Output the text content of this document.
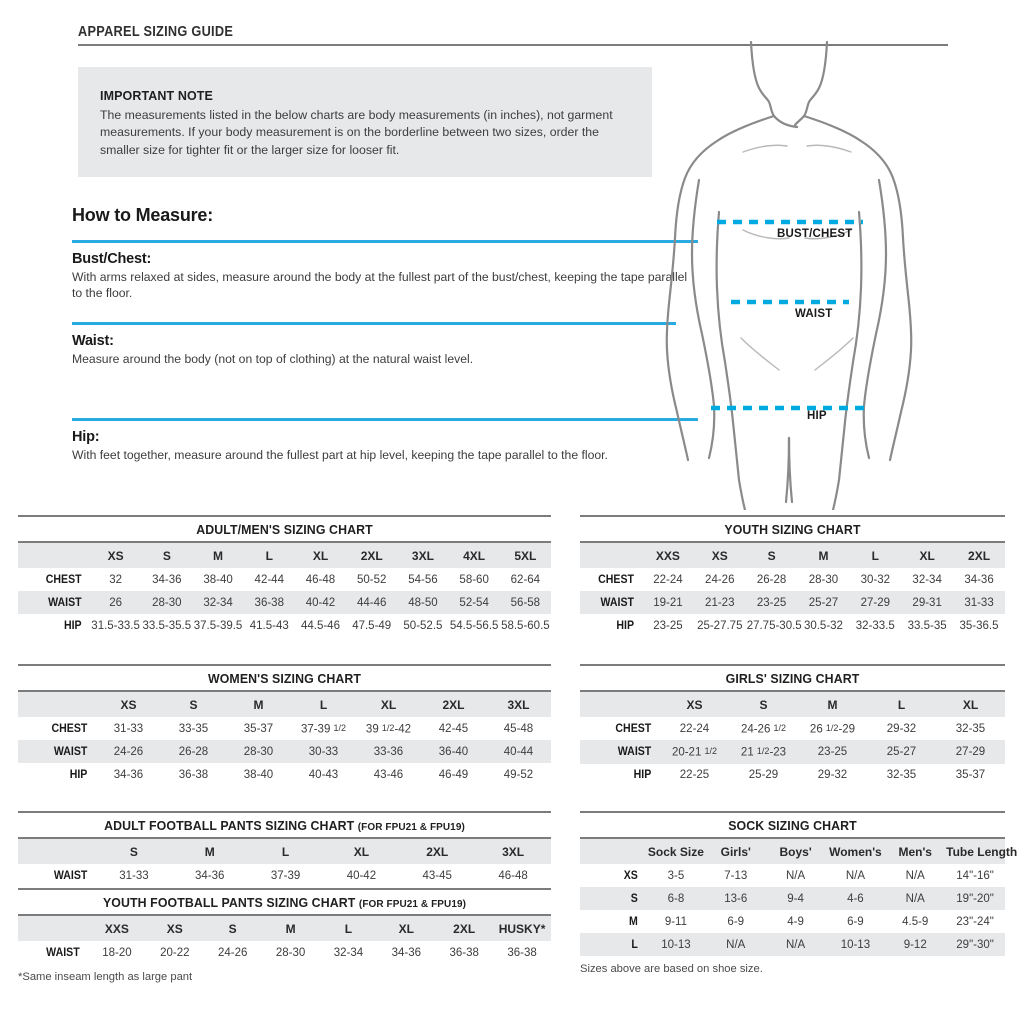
APPAREL SIZING GUIDE
IMPORTANT NOTE
The measurements listed in the below charts are body measurements (in inches), not garment measurements. If your body measurement is on the borderline between two sizes, order the smaller size for tighter fit or the larger size for looser fit.
How to Measure:
Bust/Chest:
With arms relaxed at sides, measure around the body at the fullest part of the bust/chest, keeping the tape parallel to the floor.
Waist:
Measure around the body (not on top of clothing) at the natural waist level.
Hip:
With feet together, measure around the fullest part at hip level, keeping the tape parallel to the floor.
BUST/CHEST
WAIST
HIP
ADULT/MEN'S SIZING CHART
	XS	S	M	L	XL	2XL	3XL	4XL	5XL
CHEST	32	34-36	38-40	42-44	46-48	50-52	54-56	58-60	62-64
WAIST	26	28-30	32-34	36-38	40-42	44-46	48-50	52-54	56-58
HIP	31.5-33.5	33.5-35.5	37.5-39.5	41.5-43	44.5-46	47.5-49	50-52.5	54.5-56.5	58.5-60.5
YOUTH SIZING CHART
	XXS	XS	S	M	L	XL	2XL
CHEST	22-24	24-26	26-28	28-30	30-32	32-34	34-36
WAIST	19-21	21-23	23-25	25-27	27-29	29-31	31-33
HIP	23-25	25-27.75	27.75-30.5	30.5-32	32-33.5	33.5-35	35-36.5
WOMEN'S SIZING CHART
	XS	S	M	L	XL	2XL	3XL
CHEST	31-33	33-35	35-37	37-39 1/2	39 1/2-42	42-45	45-48
WAIST	24-26	26-28	28-30	30-33	33-36	36-40	40-44
HIP	34-36	36-38	38-40	40-43	43-46	46-49	49-52
GIRLS' SIZING CHART
	XS	S	M	L	XL
CHEST	22-24	24-26 1/2	26 1/2-29	29-32	32-35
WAIST	20-21 1/2	21 1/2-23	23-25	25-27	27-29
HIP	22-25	25-29	29-32	32-35	35-37
ADULT FOOTBALL PANTS SIZING CHART (FOR FPU21 & FPU19)
	S	M	L	XL	2XL	3XL
WAIST	31-33	34-36	37-39	40-42	43-45	46-48
YOUTH FOOTBALL PANTS SIZING CHART (FOR FPU21 & FPU19)
	XXS	XS	S	M	L	XL	2XL	HUSKY*
WAIST	18-20	20-22	24-26	28-30	32-34	34-36	36-38	36-38
*Same inseam length as large pant
SOCK SIZING CHART
	Sock Size	Girls'	Boys'	Women's	Men's	Tube Length
XS	3-5	7-13	N/A	N/A	N/A	14"-16"
S	6-8	13-6	9-4	4-6	N/A	19"-20"
M	9-11	6-9	4-9	6-9	4.5-9	23"-24"
L	10-13	N/A	N/A	10-13	9-12	29"-30"
Sizes above are based on shoe size.
